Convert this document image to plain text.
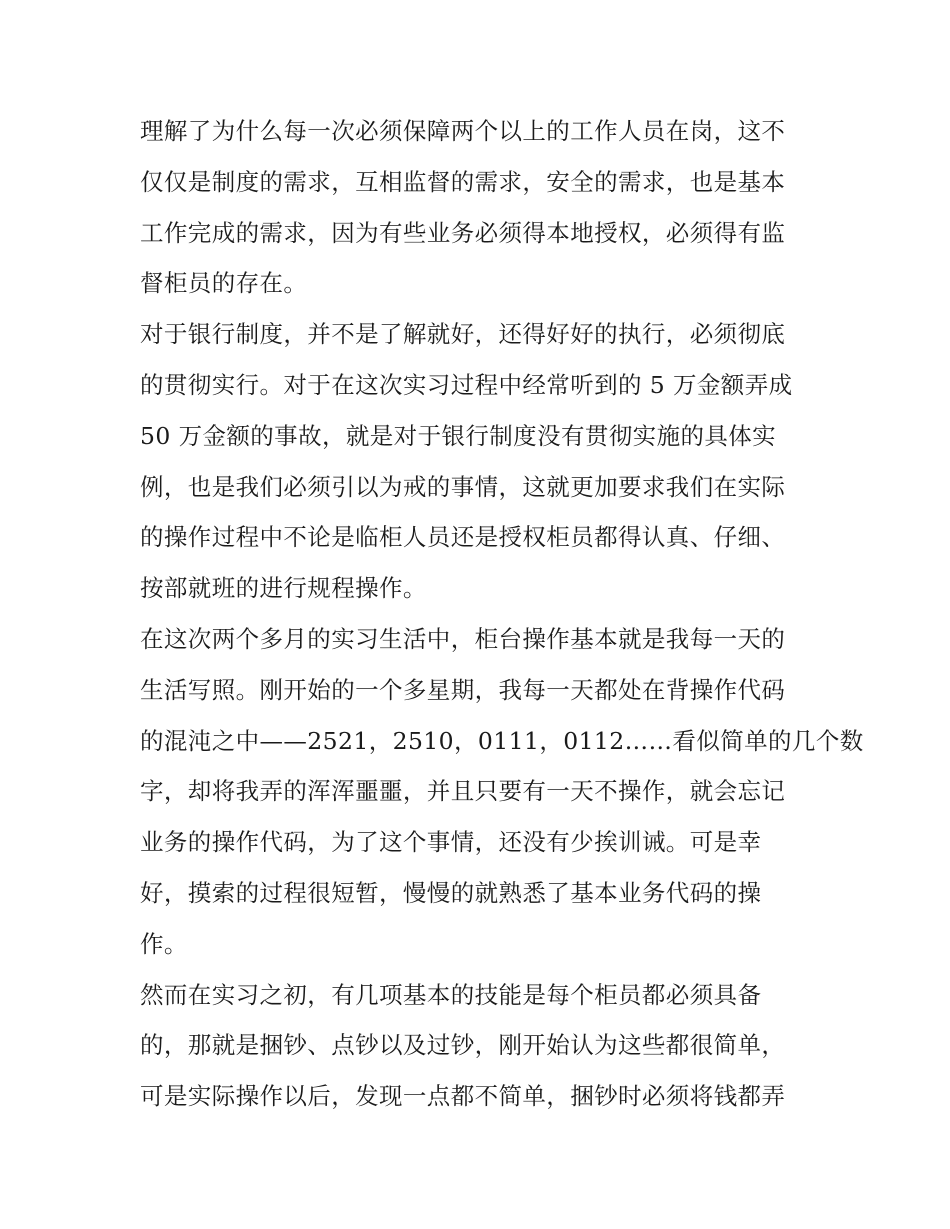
理解了为什么每一次必须保障两个以上的工作人员在岗，这不
仅仅是制度的需求，互相监督的需求，安全的需求，也是基本
工作完成的需求，因为有些业务必须得本地授权，必须得有监
督柜员的存在。
对于银行制度，并不是了解就好，还得好好的执行，必须彻底
的贯彻实行。对于在这次实习过程中经常听到的 5 万金额弄成
50 万金额的事故，就是对于银行制度没有贯彻实施的具体实
例，也是我们必须引以为戒的事情，这就更加要求我们在实际
的操作过程中不论是临柜人员还是授权柜员都得认真、仔细、
按部就班的进行规程操作。
在这次两个多月的实习生活中，柜台操作基本就是我每一天的
生活写照。刚开始的一个多星期，我每一天都处在背操作代码
的混沌之中——2521，2510，0111，0112……看似简单的几个数
字，却将我弄的浑浑噩噩，并且只要有一天不操作，就会忘记
业务的操作代码，为了这个事情，还没有少挨训诫。可是幸
好，摸索的过程很短暂，慢慢的就熟悉了基本业务代码的操
作。
然而在实习之初，有几项基本的技能是每个柜员都必须具备
的，那就是捆钞、点钞以及过钞，刚开始认为这些都很简单，
可是实际操作以后，发现一点都不简单，捆钞时必须将钱都弄
